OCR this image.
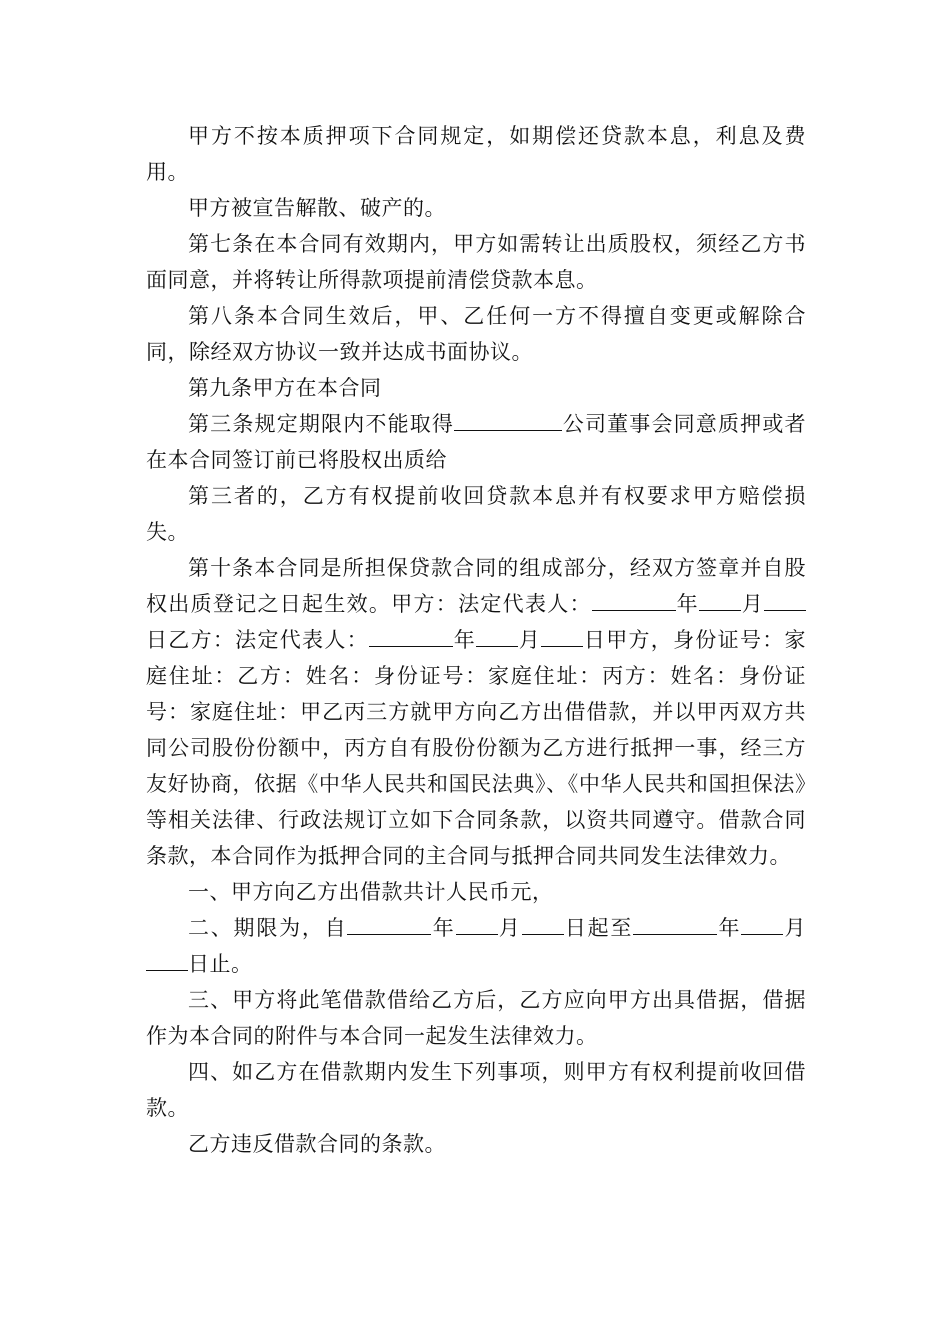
甲方不按本质押项下合同规定，如期偿还贷款本息，利息及费用。

甲方被宣告解散、破产的。

第七条在本合同有效期内，甲方如需转让出质股权，须经乙方书面同意，并将转让所得款项提前清偿贷款本息。

第八条本合同生效后，甲、乙任何一方不得擅自变更或解除合同，除经双方协议一致并达成书面协议。

第九条甲方在本合同

第三条规定期限内不能取得	公司董事会同意质押或者在本合同签订前已将股权出质给

第三者的，乙方有权提前收回贷款本息并有权要求甲方赔偿损失。

第十条本合同是所担保贷款合同的组成部分，经双方签章并自股权出质登记之日起生效。甲方：法定代表人：	年 月日乙方：法定代表人：	年 月 日甲方，身份证号：家庭住址：乙方：姓名：身份证号：家庭住址：丙方：姓名：身份证号：家庭住址：甲乙丙三方就甲方向乙方出借借款，并以甲丙双方共同公司股份份额中，丙方自有股份份额为乙方进行抵押一事，经三方友好协商，依据《中华人民共和国民法典》、《中华人民共和国担保法》等相关法律、行政法规订立如下合同条款，以资共同遵守。借款合同条款，本合同作为抵押合同的主合同与抵押合同共同发生法律效力。

一、甲方向乙方出借款共计人民币元，

二、期限为，自	年 月 日起至	年 月日止。

三、甲方将此笔借款借给乙方后，乙方应向甲方出具借据，借据作为本合同的附件与本合同一起发生法律效力。

四、如乙方在借款期内发生下列事项，则甲方有权利提前收回借款。

乙方违反借款合同的条款。
